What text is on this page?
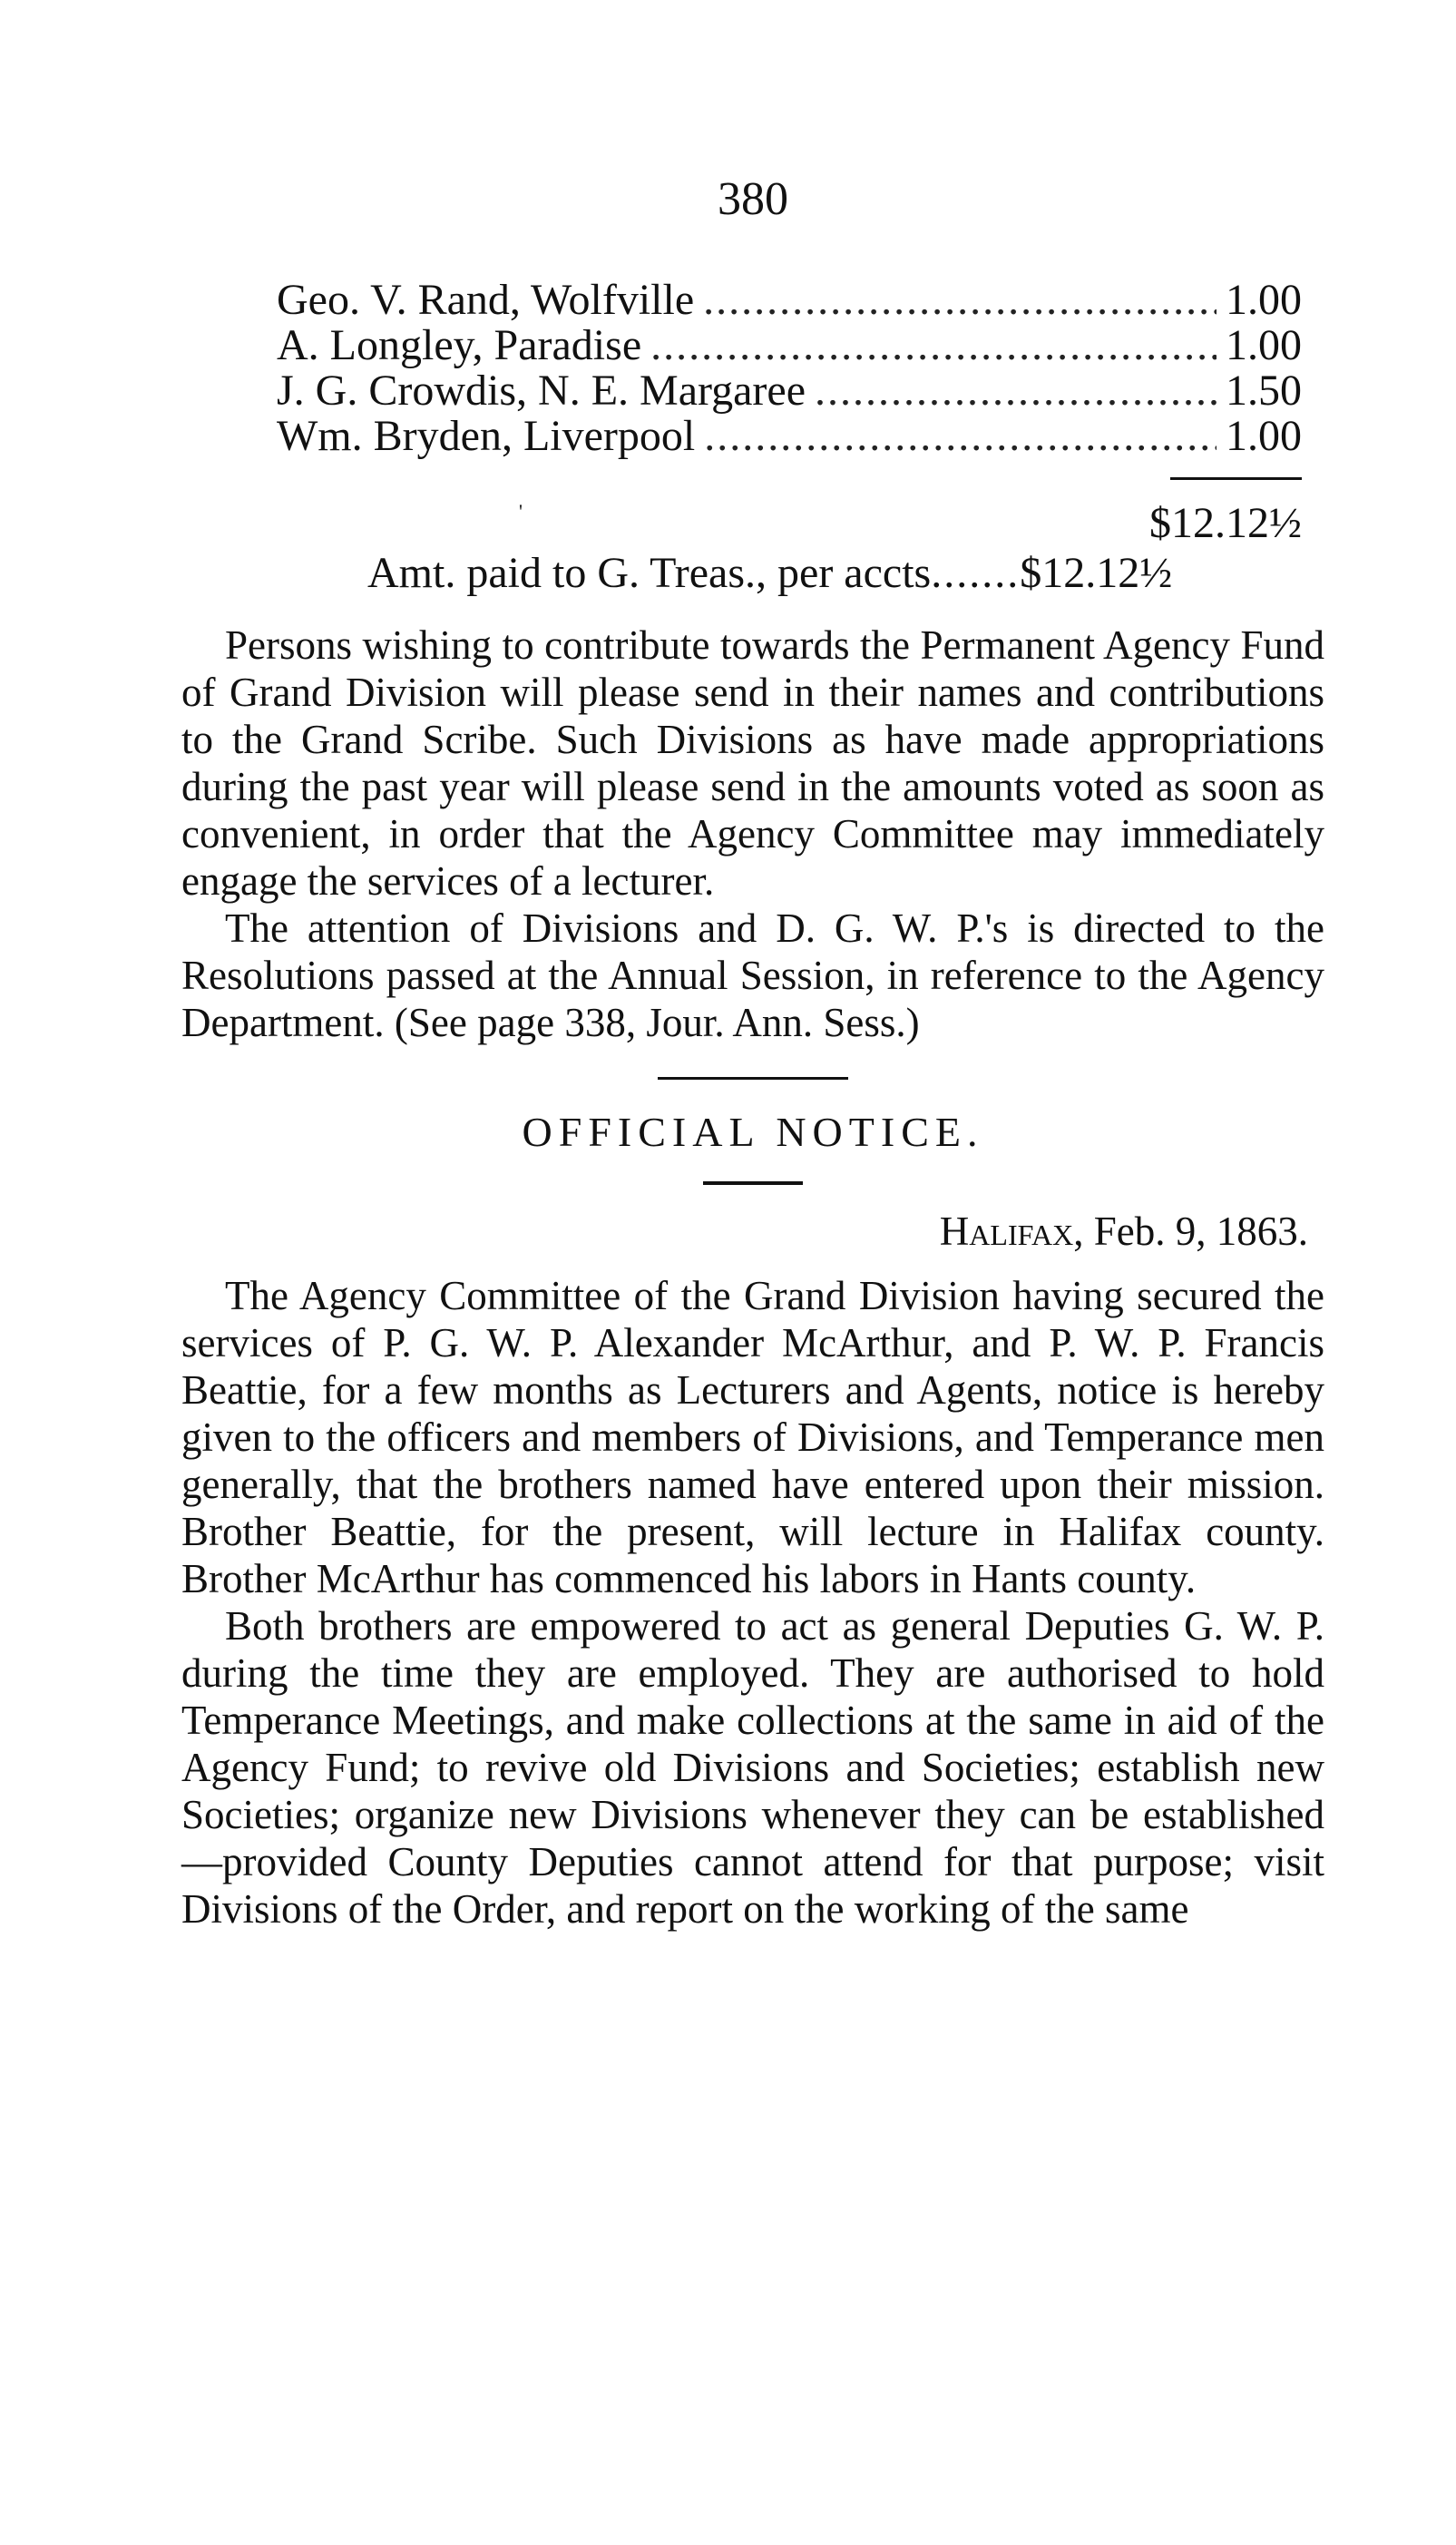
380
Geo. V. Rand, Wolfville .....	1.00
A. Longley, Paradise .....	1.00
J. G. Crowdis, N. E. Margaree .....	1.50
Wm. Bryden, Liverpool .....	1.00
'	$12.12½
Amt. paid to G. Treas., per accts ....... $12.12½

Persons wishing to contribute towards the Permanent Agency Fund of Grand Division will please send in their names and contributions to the Grand Scribe. Such Divisions as have made appropriations during the past year will please send in the amounts voted as soon as convenient, in order that the Agency Committee may immediately engage the services of a lecturer.

The attention of Divisions and D. G. W. P.'s is directed to the Resolutions passed at the Annual Session, in reference to the Agency Department. (See page 338, Jour. Ann. Sess.)

OFFICIAL NOTICE.
Halifax, Feb. 9, 1863.

The Agency Committee of the Grand Division having secured the services of P. G. W. P. Alexander McArthur, and P. W. P. Francis Beattie, for a few months as Lecturers and Agents, notice is hereby given to the officers and members of Divisions, and Temperance men generally, that the brothers named have entered upon their mission. Brother Beattie, for the present, will lecture in Halifax county. Brother McArthur has commenced his labors in Hants county.

Both brothers are empowered to act as general Deputies G. W. P. during the time they are employed. They are authorised to hold Temperance Meetings, and make collections at the same in aid of the Agency Fund; to revive old Divisions and Societies; establish new Societies; organize new Divisions whenever they can be established—provided County Deputies cannot attend for that purpose; visit Divisions of the Order, and report on the working of the same
